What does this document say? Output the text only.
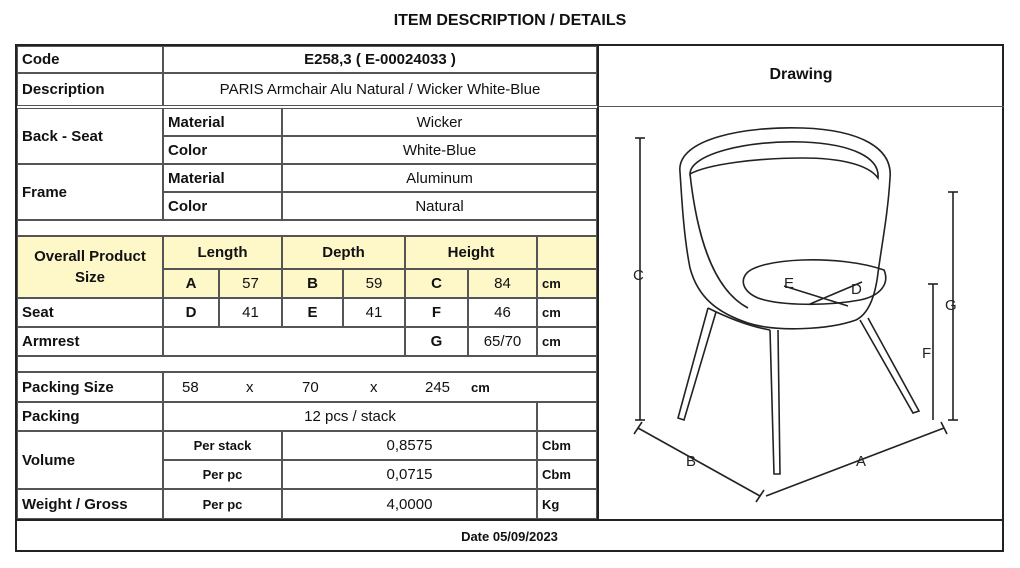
ITEM DESCRIPTION / DETAILS
Code	E258,3 ( E-00024033 )
Description	PARIS Armchair Alu Natural / Wicker White-Blue
Back - Seat
Material	Wicker
Color	White-Blue
Frame
Material	Aluminum
Color	Natural
Overall Product Size
Length	Depth	Height
A	57	B	59	C	84	cm
Seat	D	41	E	41	F	46	cm
Armrest	G	65/70	cm
Packing Size	58	x	70	x	245 cm
Packing	12 pcs / stack
Volume
Per stack	0,8575	Cbm
Per pc	0,0715	Cbm
Weight / Gross	Per pc	4,0000	Kg
Drawing
C
G
F
E	D
B	A
Date 05/09/2023
